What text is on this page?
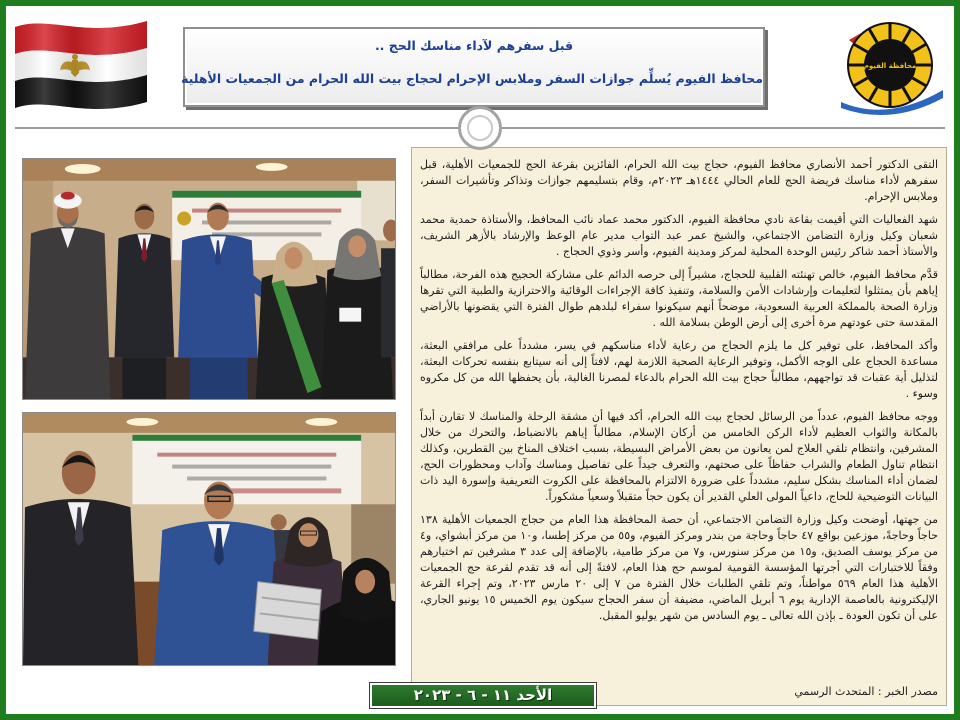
محافظة الفيوم
قبل سفرهم لآداء مناسك الحج ..
محافظ الفيوم يُسلِّم جوازات السفر وملابس الإحرام لحجاج بيت الله الحرام من الجمعيات الأهلية

التقى الدكتور أحمد الأنصاري محافظ الفيوم، حجاج بيت الله الحرام، الفائزين بقرعة الحج للجمعيات الأهلية، قبل سفرهم لأداء مناسك فريضة الحج للعام الحالي ١٤٤٤هـ ٢٠٢٣م، وقام بتسليمهم جوازات وتذاكر وتأشيرات السفر، وملابس الإحرام.

شهد الفعاليات التي أقيمت بقاعة نادي محافظة الفيوم، الدكتور محمد عماد نائب المحافظ، والأستاذة حمدية محمد شعبان وكيل وزارة التضامن الاجتماعي، والشيخ عمر عبد التواب مدير عام الوعظ والإرشاد بالأزهر الشريف، والأستاذ أحمد شاكر رئيس الوحدة المحلية لمركز ومدينة الفيوم، وأسر وذوي الحجاج .

قدَّم محافظ الفيوم، خالص تهنئته القلبية للحجاج، مشيراً إلى حرصه الدائم على مشاركة الحجيج هذه الفرحة، مطالباً إياهم بأن يمتثلوا لتعليمات وإرشادات الأمن والسلامة، وتنفيذ كافة الإجراءات الوقائية والاحترازية والطبية التي تقرها وزارة الصحة بالمملكة العربية السعودية، موضحاً أنهم سيكونوا سفراء لبلدهم طوال الفترة التي يقضونها بالأراضي المقدسة حتى عودتهم مرة أخرى إلى أرض الوطن بسلامة الله .

وأكد المحافظ، على توفير كل ما يلزم الحجاج من رعاية لأداء مناسكهم في يسر، مشدداً على مرافقي البعثة، مساعدة الحجاج على الوجه الأكمل، وتوفير الرعاية الصحية اللازمة لهم، لافتاً إلى أنه سيتابع بنفسه تحركات البعثة، لتذليل أية عقبات قد تواجههم، مطالباً حجاج بيت الله الحرام بالدعاء لمصرنا الغالية، بأن يحفظها الله من كل مكروه وسوء .

ووجه محافظ الفيوم، عدداً من الرسائل لحجاج بيت الله الحرام، أكد فيها أن مشقة الرحلة والمناسك لا تقارن أبداً بالمكانة والثواب العظيم لأداء الركن الخامس من أركان الإسلام، مطالباً إياهم بالانضباط، والتحرك من خلال المشرفين، وانتظام تلقي العلاج لمن يعانون من بعض الأمراض البسيطة، بسبب اختلاف المناخ بين القطرين، وكذلك انتظام تناول الطعام والشراب حفاظاً على صحتهم، والتعرف جيداً على تفاصيل ومناسك وآداب ومحظورات الحج، لضمان أداء المناسك بشكل سليم، مشدداً على ضرورة الالتزام بالمحافظة على الكروت التعريفية وإسورة اليد ذات البيانات التوضيحية للحاج، داعياً المولى العلي القدير أن يكون حجاً متقبلاً وسعياً مشكوراً.

من جهتها، أوضحت وكيل وزارة التضامن الاجتماعي، أن حصة المحافظة هذا العام من حجاج الجمعيات الأهلية ١٣٨ حاجاً وحاجةً، موزعين بواقع ٤٧ حاجاً وحاجة من بندر ومركز الفيوم، و٥٥ من مركز إطسا، و١٠ من مركز أبشواي، و٤ من مركز يوسف الصديق، و١٥ من مركز سنورس، و٧ من مركز طامية، بالإضافة إلى عدد ٣ مشرفين تم اختيارهم وفقاً للاختبارات التي أجرتها المؤسسة القومية لموسم حج هذا العام، لافتةً إلى أنه قد تقدم لقرعة حج الجمعيات الأهلية هذا العام ٥٦٩ مواطناً، وتم تلقي الطلبات خلال الفترة من ٧ إلى ٢٠ مارس ٢٠٢٣، وتم إجراء القرعة الإليكترونية بالعاصمة الإدارية يوم ٦ أبريل الماضي، مضيفة أن سفر الحجاج سيكون يوم الخميس ١٥ يونيو الجاري، على أن تكون العودة ـ بإذن الله تعالى ـ يوم السادس من شهر يوليو المقبل.

مصدر الخبر : المتحدث الرسمي

الأحد ١١ - ٦ - ٢٠٢٣
